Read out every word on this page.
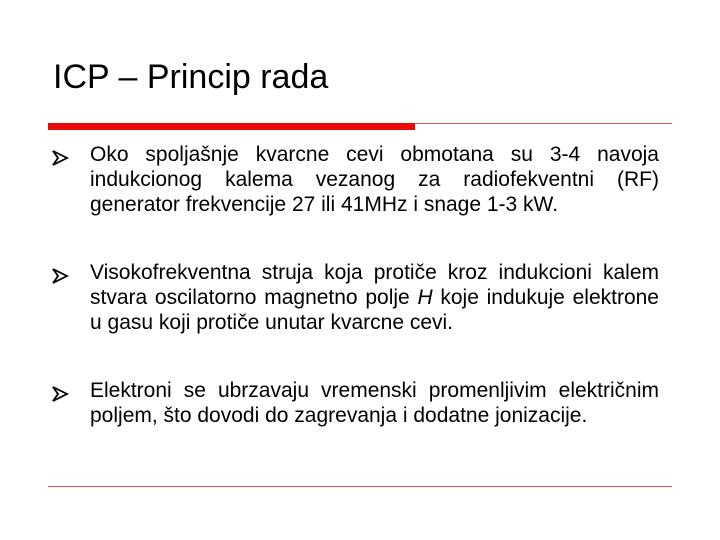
ICP – Princip rada

Oko spoljašnje kvarcne cevi obmotana su 3-4 navoja indukcionog kalema vezanog za radiofekventni (RF) generator frekvencije 27 ili 41MHz i snage 1-3 kW.

Visokofrekventna struja koja protiče kroz indukcioni kalem stvara oscilatorno magnetno polje H koje indukuje elektrone u gasu koji protiče unutar kvarcne cevi.

Elektroni se ubrzavaju vremenski promenljivim električnim poljem, što dovodi do zagrevanja i dodatne jonizacije.
